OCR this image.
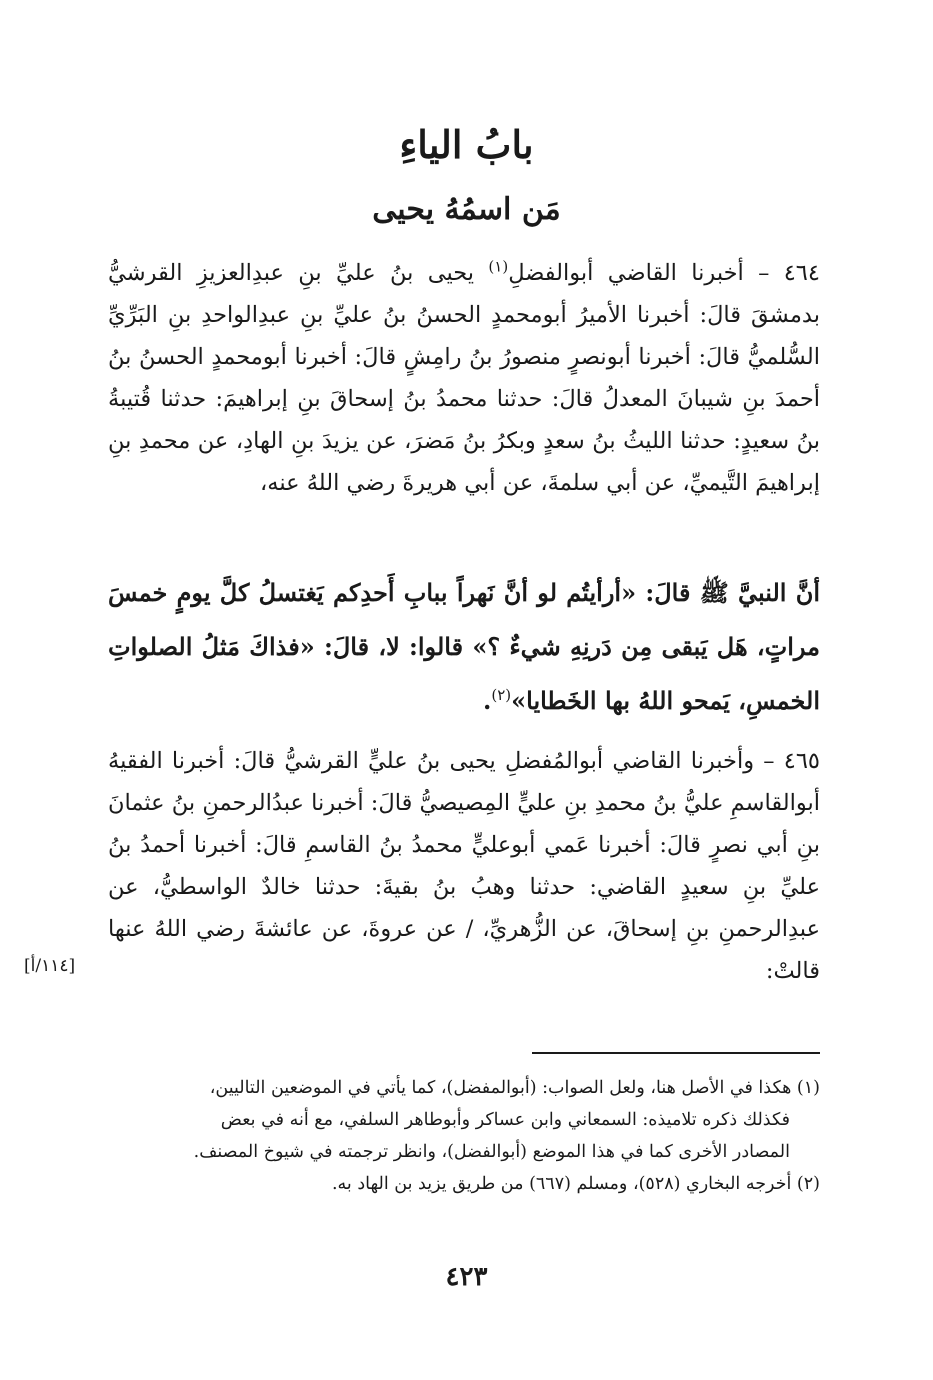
بابُ الياءِ
مَن اسمُهُ يحيى

٤٦٤ – أخبرنا القاضي أبوالفضلِ$^{(١)}$ يحيى بنُ عليِّ بنِ عبدِالعزيزِ القرشيُّ بدمشقَ قالَ: أخبرنا الأميرُ أبومحمدٍ الحسنُ بنُ عليِّ بنِ عبدِالواحدِ بنِ البَرِّيِّ السُّلميُّ قالَ: أخبرنا أبونصرٍ منصورُ بنُ رامِشٍ قالَ: أخبرنا أبومحمدٍ الحسنُ بنُ أحمدَ بنِ شيبانَ المعدلُ قالَ: حدثنا محمدُ بنُ إسحاقَ بنِ إبراهيمَ: حدثنا قُتيبةُ بنُ سعيدٍ: حدثنا الليثُ بنُ سعدٍ وبكرُ بنُ مَضرَ، عن يزيدَ بنِ الهادِ، عن محمدِ بنِ إبراهيمَ التَّيميِّ، عن أبي سلمةَ، عن أبي هريرةَ رضي اللهُ عنه،

أنَّ النبيَّ ﷺ قالَ: «أرأيتُم لو أنَّ نَهراً ببابِ أَحدِكم يَغتسلُ كلَّ يومٍ خمسَ مراتٍ، هَل يَبقى مِن دَرنِهِ شيءٌ ؟» قالوا: لا، قالَ: «فذاكَ مَثلُ الصلواتِ الخمسِ، يَمحو اللهُ بها الخَطايا»$^{(٢)}$.

٤٦٥ – وأخبرنا القاضي أبوالمُفضلِ يحيى بنُ عليٍّ القرشيُّ قالَ: أخبرنا الفقيهُ أبوالقاسمِ عليُّ بنُ محمدِ بنِ عليٍّ المِصيصيُّ قالَ: أخبرنا عبدُالرحمنِ بنُ عثمانَ بنِ أبي نصرٍ قالَ: أخبرنا عَمي أبوعليٍّ محمدُ بنُ القاسمِ قالَ: أخبرنا أحمدُ بنُ عليِّ بنِ سعيدٍ القاضي: حدثنا وهبُ بنُ بقيةَ: حدثنا خالدٌ الواسطيُّ، عن عبدِالرحمنِ بنِ إسحاقَ، عن الزُّهريِّ، / عن عروةَ، عن عائشةَ رضي اللهُ عنها قالتْ:

[١١٤/أ]

(١) هكذا في الأصل هنا، ولعل الصواب: (أبوالمفضل)، كما يأتي في الموضعين التاليين،

فكذلك ذكره تلاميذه: السمعاني وابن عساكر وأبوطاهر السلفي، مع أنه في بعض

المصادر الأخرى كما في هذا الموضع (أبوالفضل)، وانظر ترجمته في شيوخ المصنف.

(٢) أخرجه البخاري (٥٢٨)، ومسلم (٦٦٧) من طريق يزيد بن الهاد به.

٤٢٣
